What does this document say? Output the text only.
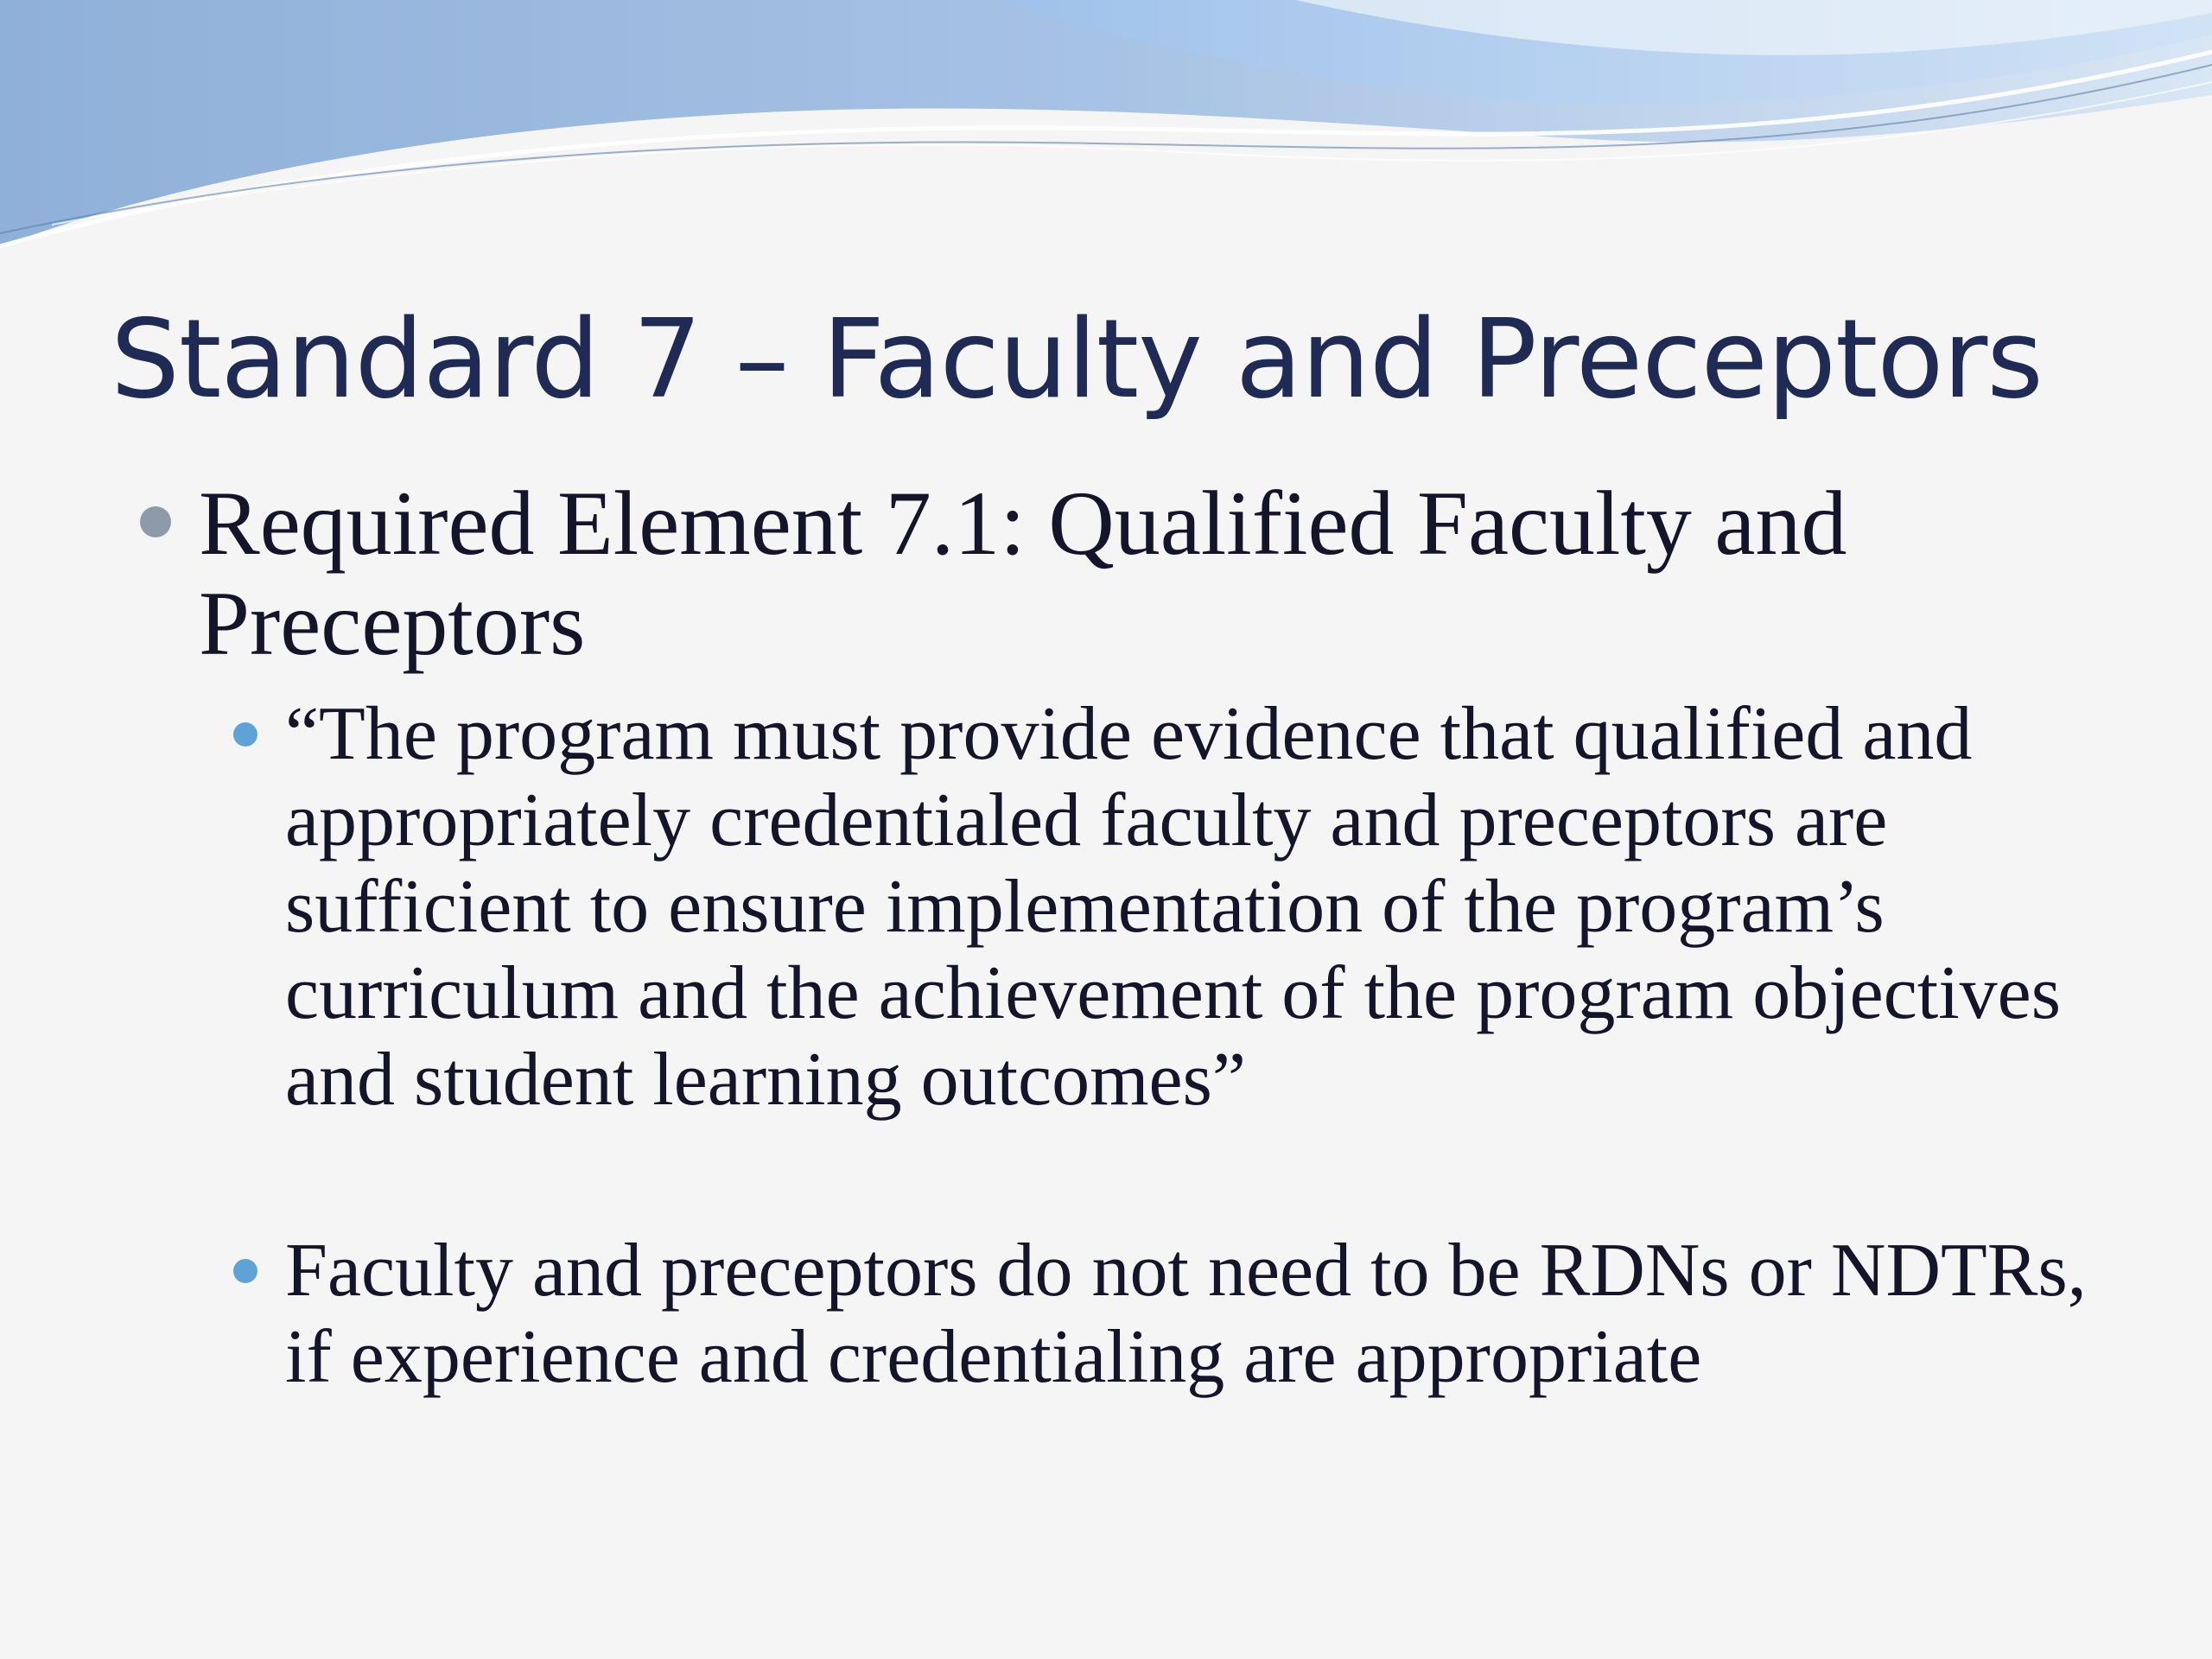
Standard 7 – Faculty and Preceptors
Required Element 7.1: Qualified Faculty and Preceptors
“The program must provide evidence that qualified and appropriately credentialed faculty and preceptors are sufficient to ensure implementation of the program’s curriculum and the achievement of the program objectives and student learning outcomes”
Faculty and preceptors do not need to be RDNs or NDTRs, if experience and credentialing are appropriate
